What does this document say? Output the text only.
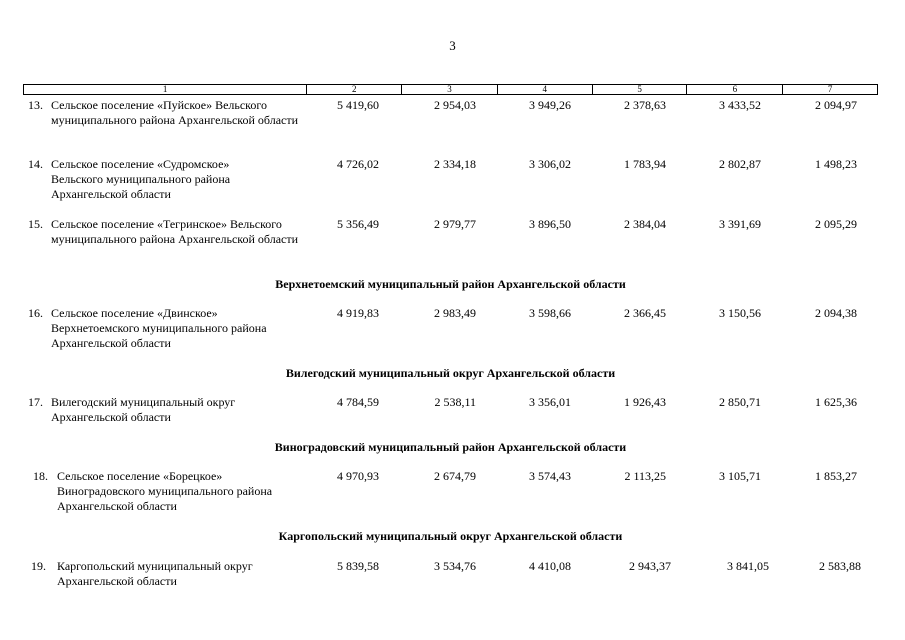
3
1	2	3	4	5	6	7
13. Сельское поселение «Пуйское» Вельского муниципального района Архангельской области
5 419,60	2 954,03	3 949,26	2 378,63	3 433,52	2 094,97
14. Сельское поселение «Судромское» Вельского муниципального района Архангельской области
4 726,02	2 334,18	3 306,02	1 783,94	2 802,87	1 498,23
15. Сельское поселение «Тегринское» Вельского муниципального района Архангельской области
5 356,49	2 979,77	3 896,50	2 384,04	3 391,69	2 095,29
Верхнетоемский муниципальный район Архангельской области
16. Сельское поселение «Двинское» Верхнетоемского муниципального района Архангельской области
4 919,83	2 983,49	3 598,66	2 366,45	3 150,56	2 094,38
Вилегодский муниципальный округ Архангельской области
17. Вилегодский муниципальный округ Архангельской области
4 784,59	2 538,11	3 356,01	1 926,43	2 850,71	1 625,36
Виноградовский муниципальный район Архангельской области
18. Сельское поселение «Борецкое» Виноградовского муниципального района Архангельской области
4 970,93	2 674,79	3 574,43	2 113,25	3 105,71	1 853,27
Каргопольский муниципальный округ Архангельской области
19. Каргопольский муниципальный округ Архангельской области
5 839,58	3 534,76	4 410,08	2 943,37	3 841,05	2 583,88
